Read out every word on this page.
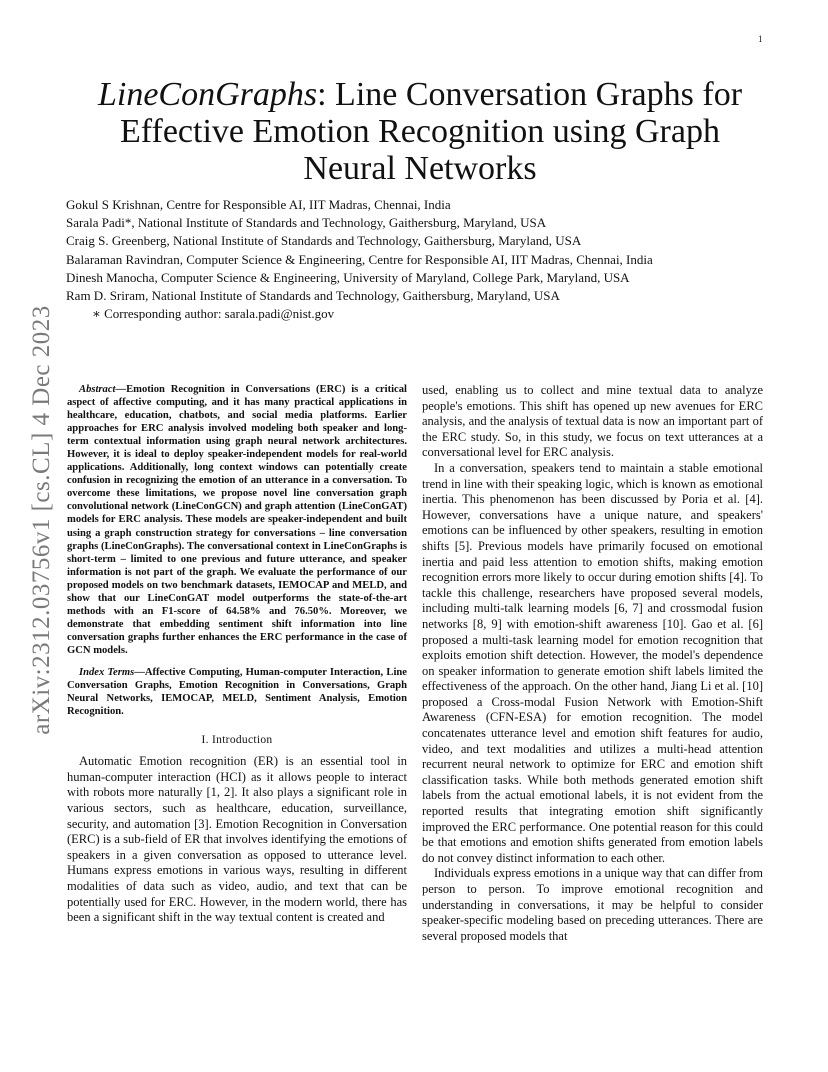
1
arXiv:2312.03756v1 [cs.CL] 4 Dec 2023
LineConGraphs: Line Conversation Graphs for Effective Emotion Recognition using Graph Neural Networks
Gokul S Krishnan, Centre for Responsible AI, IIT Madras, Chennai, India
Sarala Padi*, National Institute of Standards and Technology, Gaithersburg, Maryland, USA
Craig S. Greenberg, National Institute of Standards and Technology, Gaithersburg, Maryland, USA
Balaraman Ravindran, Computer Science & Engineering, Centre for Responsible AI, IIT Madras, Chennai, India
Dinesh Manocha, Computer Science & Engineering, University of Maryland, College Park, Maryland, USA
Ram D. Sriram, National Institute of Standards and Technology, Gaithersburg, Maryland, USA
∗ Corresponding author: sarala.padi@nist.gov

Abstract—Emotion Recognition in Conversations (ERC) is a critical aspect of affective computing, and it has many practical applications in healthcare, education, chatbots, and social media platforms. Earlier approaches for ERC analysis involved modeling both speaker and long-term contextual information using graph neural network architectures. However, it is ideal to deploy speaker-independent models for real-world applications. Additionally, long context windows can potentially create confusion in recognizing the emotion of an utterance in a conversation. To overcome these limitations, we propose novel line conversation graph convolutional network (LineConGCN) and graph attention (LineConGAT) models for ERC analysis. These models are speaker-independent and built using a graph construction strategy for conversations – line conversation graphs (LineConGraphs). The conversational context in LineConGraphs is short-term – limited to one previous and future utterance, and speaker information is not part of the graph. We evaluate the performance of our proposed models on two benchmark datasets, IEMOCAP and MELD, and show that our LineConGAT model outperforms the state-of-the-art methods with an F1-score of 64.58% and 76.50%. Moreover, we demonstrate that embedding sentiment shift information into line conversation graphs further enhances the ERC performance in the case of GCN models.

Index Terms—Affective Computing, Human-computer Interaction, Line Conversation Graphs, Emotion Recognition in Conversations, Graph Neural Networks, IEMOCAP, MELD, Sentiment Analysis, Emotion Recognition.

I. Introduction

Automatic Emotion recognition (ER) is an essential tool in human-computer interaction (HCI) as it allows people to interact with robots more naturally [1, 2]. It also plays a significant role in various sectors, such as healthcare, education, surveillance, security, and automation [3]. Emotion Recognition in Conversation (ERC) is a sub-field of ER that involves identifying the emotions of speakers in a given conversation as opposed to utterance level. Humans express emotions in various ways, resulting in different modalities of data such as video, audio, and text that can be potentially used for ERC. However, in the modern world, there has been a significant shift in the way textual content is created and

used, enabling us to collect and mine textual data to analyze people's emotions. This shift has opened up new avenues for ERC analysis, and the analysis of textual data is now an important part of the ERC study. So, in this study, we focus on text utterances at a conversational level for ERC analysis.

In a conversation, speakers tend to maintain a stable emotional trend in line with their speaking logic, which is known as emotional inertia. This phenomenon has been discussed by Poria et al. [4]. However, conversations have a unique nature, and speakers' emotions can be influenced by other speakers, resulting in emotion shifts [5]. Previous models have primarily focused on emotional inertia and paid less attention to emotion shifts, making emotion recognition errors more likely to occur during emotion shifts [4]. To tackle this challenge, researchers have proposed several models, including multi-talk learning models [6, 7] and crossmodal fusion networks [8, 9] with emotion-shift awareness [10]. Gao et al. [6] proposed a multi-task learning model for emotion recognition that exploits emotion shift detection. However, the model's dependence on speaker information to generate emotion shift labels limited the effectiveness of the approach. On the other hand, Jiang Li et al. [10] proposed a Cross-modal Fusion Network with Emotion-Shift Awareness (CFN-ESA) for emotion recognition. The model concatenates utterance level and emotion shift features for audio, video, and text modalities and utilizes a multi-head attention recurrent neural network to optimize for ERC and emotion shift classification tasks. While both methods generated emotion shift labels from the actual emotional labels, it is not evident from the reported results that integrating emotion shift significantly improved the ERC performance. One potential reason for this could be that emotions and emotion shifts generated from emotion labels do not convey distinct information to each other.

Individuals express emotions in a unique way that can differ from person to person. To improve emotional recognition and understanding in conversations, it may be helpful to consider speaker-specific modeling based on preceding utterances. There are several proposed models that
